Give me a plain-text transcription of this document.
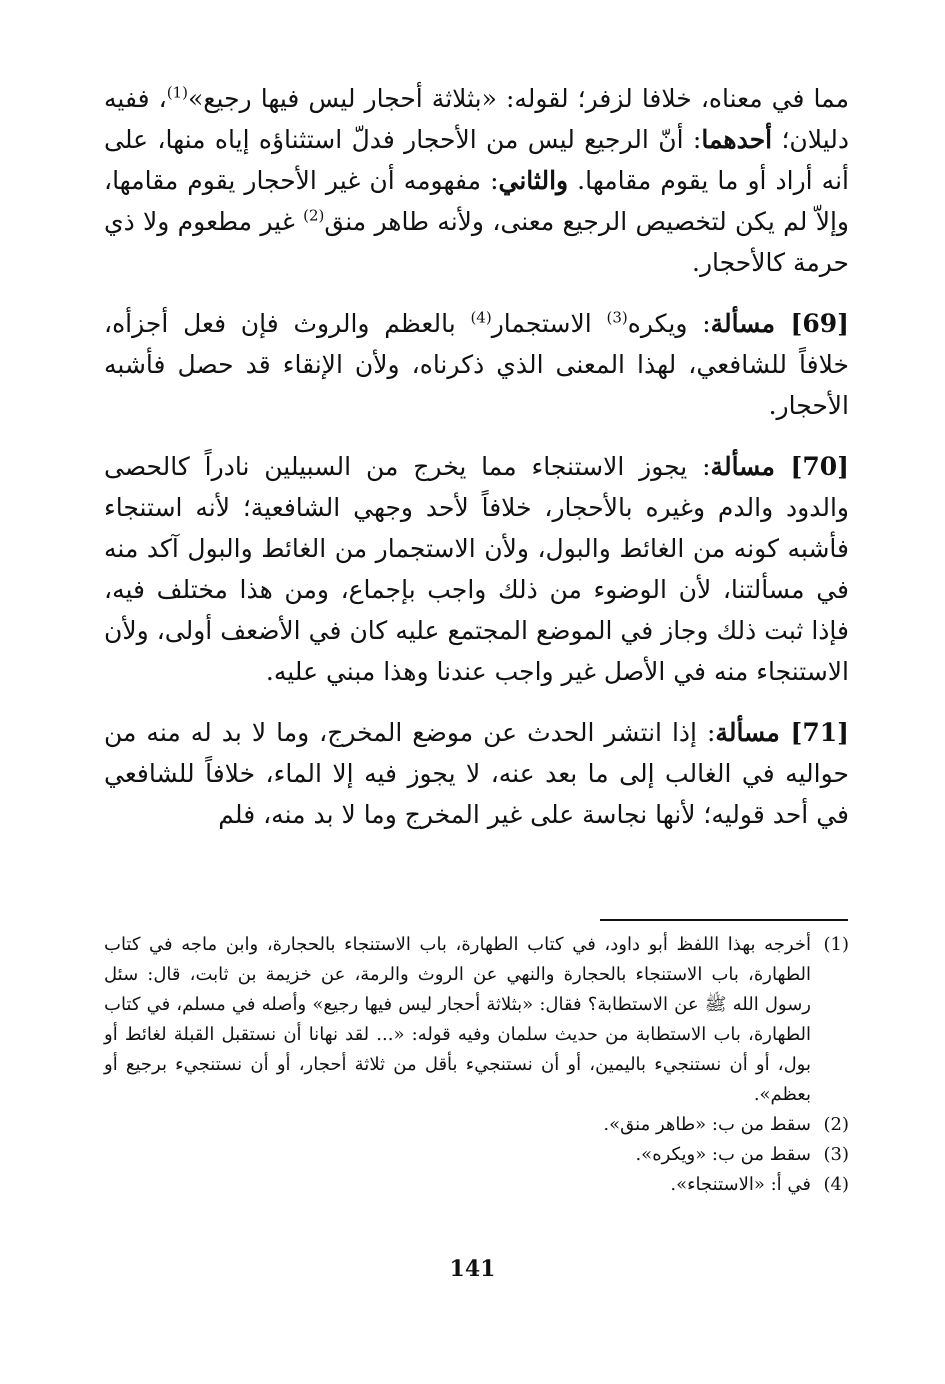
مما في معناه، خلافا لزفر؛ لقوله: «بثلاثة أحجار ليس فيها رجيع»$^{(1)}$، ففيه دليلان؛ أحدهما: أنّ الرجيع ليس من الأحجار فدلّ استثناؤه إياه منها، على أنه أراد أو ما يقوم مقامها. والثاني: مفهومه أن غير الأحجار يقوم مقامها، وإلاّ لم يكن لتخصيص الرجيع معنى، ولأنه طاهر منق$^{(2)}$ غير مطعوم ولا ذي حرمة كالأحجار.

[69] مسألة: ويكره$^{(3)}$ الاستجمار$^{(4)}$ بالعظم والروث فإن فعل أجزأه، خلافاً للشافعي، لهذا المعنى الذي ذكرناه، ولأن الإنقاء قد حصل فأشبه الأحجار.

[70] مسألة: يجوز الاستنجاء مما يخرج من السبيلين نادراً كالحصى والدود والدم وغيره بالأحجار، خلافاً لأحد وجهي الشافعية؛ لأنه استنجاء فأشبه كونه من الغائط والبول، ولأن الاستجمار من الغائط والبول آكد منه في مسألتنا، لأن الوضوء من ذلك واجب بإجماع، ومن هذا مختلف فيه، فإذا ثبت ذلك وجاز في الموضع المجتمع عليه كان في الأضعف أولى، ولأن الاستنجاء منه في الأصل غير واجب عندنا وهذا مبني عليه.

[71] مسألة: إذا انتشر الحدث عن موضع المخرج، وما لا بد له منه من حواليه في الغالب إلى ما بعد عنه، لا يجوز فيه إلا الماء، خلافاً للشافعي في أحد قوليه؛ لأنها نجاسة على غير المخرج وما لا بد منه، فلم

(1)
أخرجه بهذا اللفظ أبو داود، في كتاب الطهارة، باب الاستنجاء بالحجارة، وابن ماجه في كتاب الطهارة، باب الاستنجاء بالحجارة والنهي عن الروث والرمة، عن خزيمة بن ثابت، قال: سئل رسول الله ﷺ عن الاستطابة؟ فقال: «بثلاثة أحجار ليس فيها رجيع» وأصله في مسلم، في كتاب الطهارة، باب الاستطابة من حديث سلمان وفيه قوله: «... لقد نهانا أن نستقبل القبلة لغائط أو بول، أو أن نستنجيء باليمين، أو أن نستنجيء بأقل من ثلاثة أحجار، أو أن نستنجيء برجيع أو بعظم».
(2)
سقط من ب: «طاهر منق».
(3)
سقط من ب: «ويكره».
(4)
في أ: «الاستنجاء».
141
